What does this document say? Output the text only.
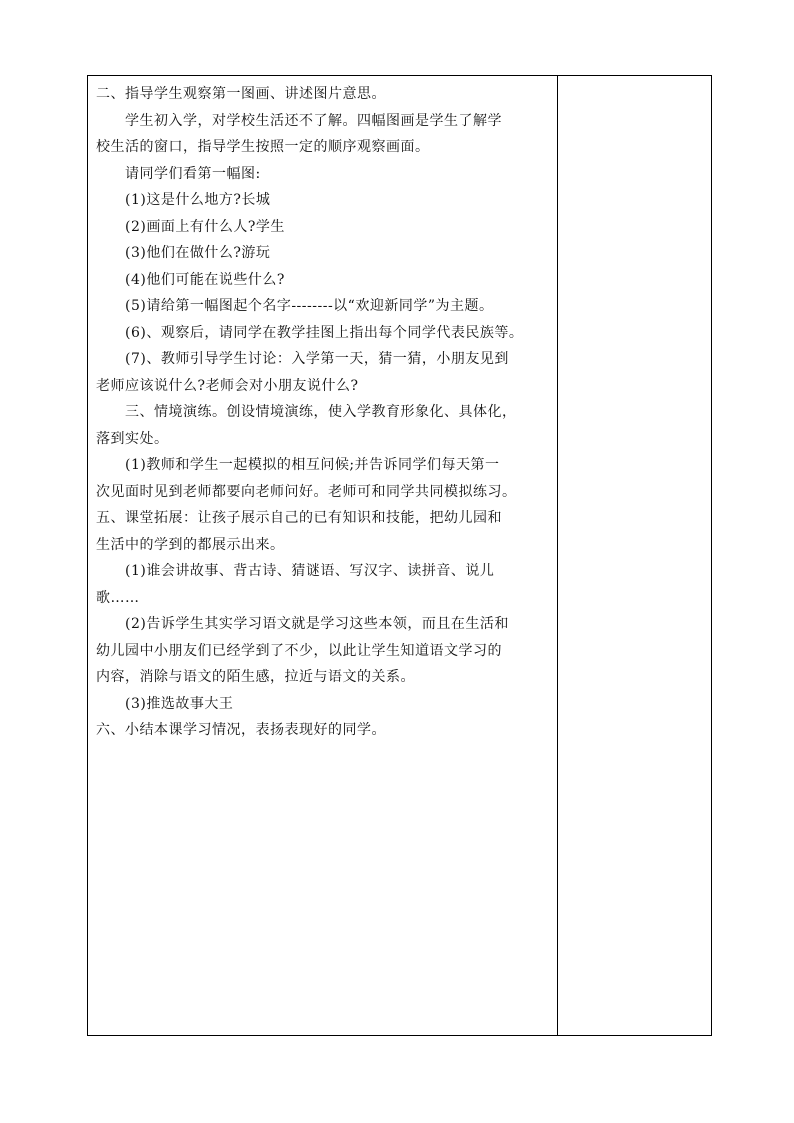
二、指导学生观察第一图画、讲述图片意思。
学生初入学，对学校生活还不了解。四幅图画是学生了解学
校生活的窗口，指导学生按照一定的顺序观察画面。
请同学们看第一幅图:
(1)这是什么地方?长城
(2)画面上有什么人?学生
(3)他们在做什么?游玩
(4)他们可能在说些什么?
(5)请给第一幅图起个名字--------以“欢迎新同学”为主题。
(6)、观察后，请同学在教学挂图上指出每个同学代表民族等。
(7)、教师引导学生讨论：入学第一天，猜一猜，小朋友见到
老师应该说什么?老师会对小朋友说什么?
三、情境演练。创设情境演练，使入学教育形象化、具体化，
落到实处。
(1)教师和学生一起模拟的相互问候;并告诉同学们每天第一
次见面时见到老师都要向老师问好。老师可和同学共同模拟练习。
五、课堂拓展：让孩子展示自己的已有知识和技能，把幼儿园和
生活中的学到的都展示出来。
(1)谁会讲故事、背古诗、猜谜语、写汉字、读拼音、说儿
歌……
(2)告诉学生其实学习语文就是学习这些本领，而且在生活和
幼儿园中小朋友们已经学到了不少，以此让学生知道语文学习的
内容，消除与语文的陌生感，拉近与语文的关系。
(3)推选故事大王
六、小结本课学习情况，表扬表现好的同学。
